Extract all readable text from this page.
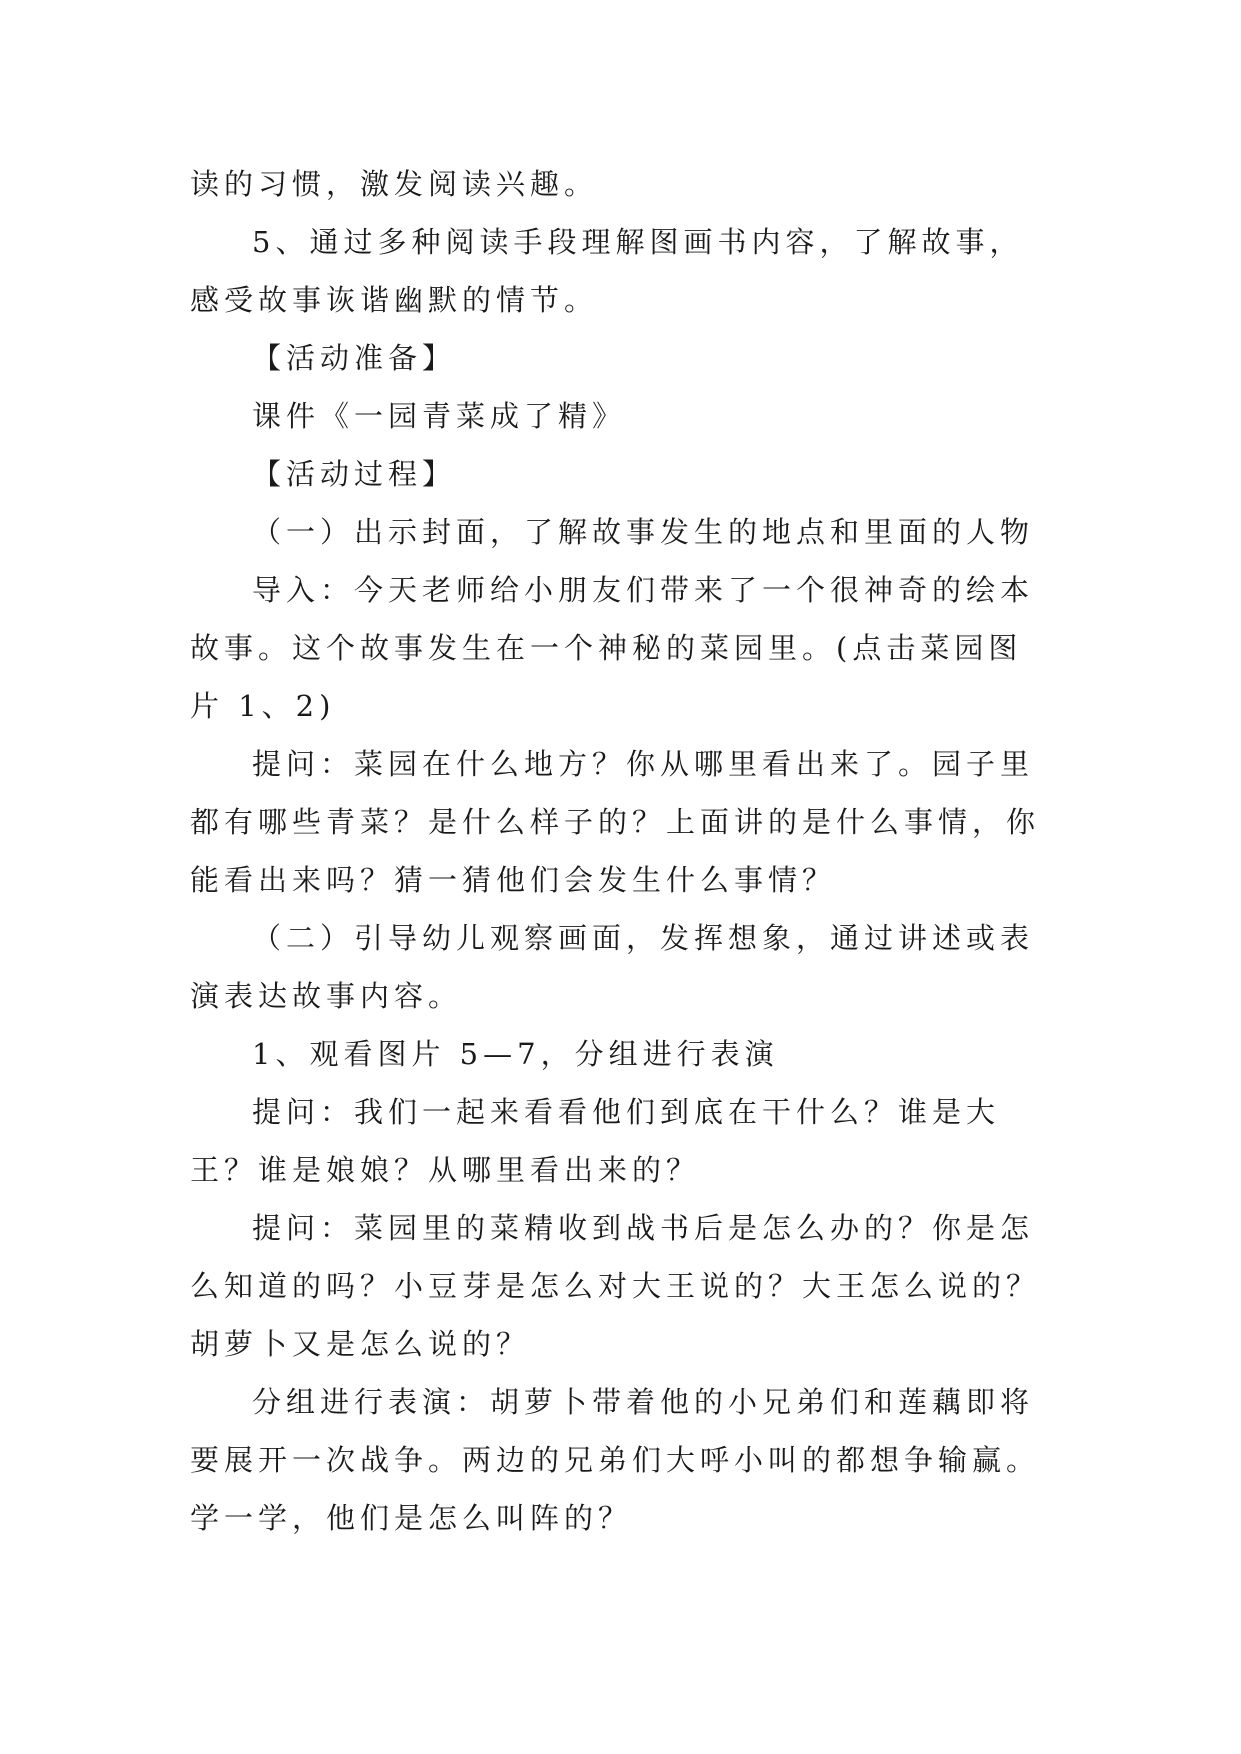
读的习惯，激发阅读兴趣。

5、通过多种阅读手段理解图画书内容，了解故事，感受故事诙谐幽默的情节。

【活动准备】

课件《一园青菜成了精》

【活动过程】

（一）出示封面，了解故事发生的地点和里面的人物

导入：今天老师给小朋友们带来了一个很神奇的绘本故事。这个故事发生在一个神秘的菜园里。(点击菜园图片 1、2)

提问：菜园在什么地方？你从哪里看出来了。园子里都有哪些青菜？是什么样子的？上面讲的是什么事情，你能看出来吗？猜一猜他们会发生什么事情？

（二）引导幼儿观察画面，发挥想象，通过讲述或表演表达故事内容。

1、观看图片 5—7，分组进行表演

提问：我们一起来看看他们到底在干什么？谁是大王？谁是娘娘？从哪里看出来的？

提问：菜园里的菜精收到战书后是怎么办的？你是怎么知道的吗？小豆芽是怎么对大王说的？大王怎么说的？胡萝卜又是怎么说的？

分组进行表演：胡萝卜带着他的小兄弟们和莲藕即将要展开一次战争。两边的兄弟们大呼小叫的都想争输赢。学一学，他们是怎么叫阵的？
